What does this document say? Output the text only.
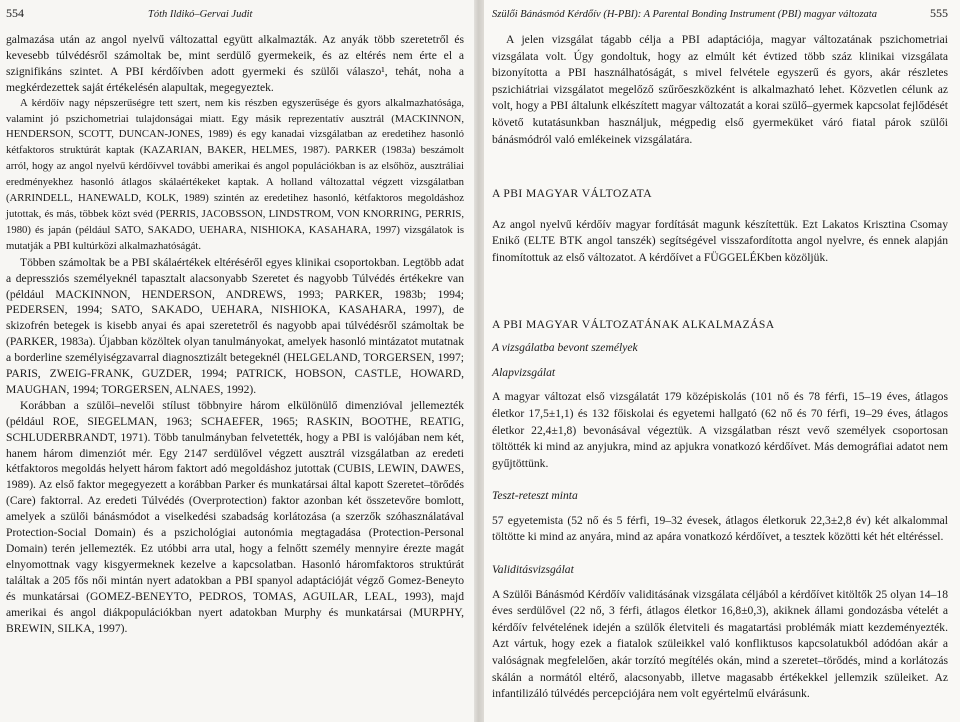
554	Tóth Ildikó–Gervai Judit

galmazása után az angol nyelvű változattal együtt alkalmazták. Az anyák több szeretetről és kevesebb túlvédésről számoltak be, mint serdülő gyermekeik, és az eltérés nem érte el a szignifikáns szintet. A PBI kérdőívben adott gyermeki és szülői válaszo¹, tehát, noha a megkérdezettek saját értékelésén alapultak, megegyeztek.

A kérdőív nagy népszerűségre tett szert, nem kis részben egyszerűsége és gyors alkalmazhatósága, valamint jó pszichometriai tulajdonságai miatt. Egy másik reprezentatív ausztrál (MACKINNON, HENDERSON, SCOTT, DUNCAN-JONES, 1989) és egy kanadai vizsgálatban az eredetihez hasonló kétfaktoros struktúrát kaptak (KAZARIAN, BAKER, HELMES, 1987). PARKER (1983a) beszámolt arról, hogy az angol nyelvű kérdőívvel további amerikai és angol populációkban is az elsőhöz, ausztráliai eredményekhez hasonló átlagos skálaértékeket kaptak. A holland változattal végzett vizsgálatban (ARRINDELL, HANEWALD, KOLK, 1989) szintén az eredetihez hasonló, kétfaktoros megoldáshoz jutottak, és más, többek közt svéd (PERRIS, JACOBSSON, LINDSTROM, VON KNORRING, PERRIS, 1980) és japán (például SATO, SAKADO, UEHARA, NISHIOKA, KASAHARA, 1997) vizsgálatok is mutatják a PBI kultúrközi alkalmazhatóságát.

Többen számoltak be a PBI skálaértékek eltéréséről egyes klinikai csoportokban. Legtöbb adat a depressziós személyeknél tapasztalt alacsonyabb Szeretet és nagyobb Túlvédés értékekre van (például MACKINNON, HENDERSON, ANDREWS, 1993; PARKER, 1983b; 1994; PEDERSEN, 1994; SATO, SAKADO, UEHARA, NISHIOKA, KASAHARA, 1997), de skizofrén betegek is kisebb anyai és apai szeretetről és nagyobb apai túlvédésről számoltak be (PARKER, 1983a). Újabban közöltek olyan tanulmányokat, amelyek hasonló mintázatot mutatnak a borderline személyiségzavarral diagnosztizált betegeknél (HELGELAND, TORGERSEN, 1997; PARIS, ZWEIG-FRANK, GUZDER, 1994; PATRICK, HOBSON, CASTLE, HOWARD, MAUGHAN, 1994; TORGERSEN, ALNAES, 1992).

Korábban a szülői–nevelői stílust többnyire három elkülönülő dimenzióval jellemezték (például ROE, SIEGELMAN, 1963; SCHAEFER, 1965; RASKIN, BOOTHE, REATIG, SCHLUDERBRANDT, 1971). Több tanulmányban felvetették, hogy a PBI is valójában nem két, hanem három dimenziót mér. Egy 2147 serdülővel végzett ausztrál vizsgálatban az eredeti kétfaktoros megoldás helyett három faktort adó megoldáshoz jutottak (CUBIS, LEWIN, DAWES, 1989). Az első faktor megegyezett a korábban Parker és munkatársai által kapott Szeretet–törődés (Care) faktorral. Az eredeti Túlvédés (Overprotection) faktor azonban két összetevőre bomlott, amelyek a szülői bánásmódot a viselkedési szabadság korlátozása (a szerzők szóhasználatával Protection-Social Domain) és a pszichológiai autonómia megtagadása (Protection-Personal Domain) terén jellemezték. Ez utóbbi arra utal, hogy a felnőtt személy mennyire érezte magát elnyomottnak vagy kisgyermeknek kezelve a kapcsolatban. Hasonló háromfaktoros struktúrát találtak a 205 fős női mintán nyert adatokban a PBI spanyol adaptációját végző Gomez-Beneyto és munkatársai (GOMEZ-BENEYTO, PEDROS, TOMAS, AGUILAR, LEAL, 1993), majd amerikai és angol diákpopulációkban nyert adatokban Murphy és munkatársai (MURPHY, BREWIN, SILKA, 1997).

Szülői Bánásmód Kérdőív (H-PBI): A Parental Bonding Instrument (PBI) magyar változata	555

A jelen vizsgálat tágabb célja a PBI adaptációja, magyar változatának pszichometriai vizsgálata volt. Úgy gondoltuk, hogy az elmúlt két évtized több száz klinikai vizsgálata bizonyította a PBI használhatóságát, s mivel felvétele egyszerű és gyors, akár részletes pszichiátriai vizsgálatot megelőző szűrőeszközként is alkalmazható lehet. Közvetlen célunk az volt, hogy a PBI általunk elkészített magyar változatát a korai szülő–gyermek kapcsolat fejlődését követő kutatásunkban használjuk, mégpedig első gyermeküket váró fiatal párok szülői bánásmódról való emlékeinek vizsgálatára.

A PBI MAGYAR VÁLTOZATA

Az angol nyelvű kérdőív magyar fordítását magunk készítettük. Ezt Lakatos Krisztina Csomay Enikő (ELTE BTK angol tanszék) segítségével visszafordította angol nyelvre, és ennek alapján finomítottuk az első változatot. A kérdőívet a FÜGGELÉKben közöljük.

A PBI MAGYAR VÁLTOZATÁNAK ALKALMAZÁSA

A vizsgálatba bevont személyek

Alapvizsgálat

A magyar változat első vizsgálatát 179 középiskolás (101 nő és 78 férfi, 15–19 éves, átlagos életkor 17,5±1,1) és 132 főiskolai és egyetemi hallgató (62 nő és 70 férfi, 19–29 éves, átlagos életkor 22,4±1,8) bevonásával végeztük. A vizsgálatban részt vevő személyek csoportosan töltötték ki mind az anyjukra, mind az apjukra vonatkozó kérdőívet. Más demográfiai adatot nem gyűjtöttünk.

Teszt-reteszt minta

57 egyetemista (52 nő és 5 férfi, 19–32 évesek, átlagos életkoruk 22,3±2,8 év) két alkalommal töltötte ki mind az anyára, mind az apára vonatkozó kérdőívet, a tesztek közötti két hét eltéréssel.

Validitásvizsgálat

A Szülői Bánásmód Kérdőív validitásának vizsgálata céljából a kérdőívet kitöltők 25 olyan 14–18 éves serdülővel (22 nő, 3 férfi, átlagos életkor 16,8±0,3), akiknek állami gondozásba vételét a kérdőív felvételének idején a szülők életviteli és magatartási problémák miatt kezdeményezték. Azt vártuk, hogy ezek a fiatalok szüleikkel való konfliktusos kapcsolatukból adódóan akár a valóságnak megfelelően, akár torzító megítélés okán, mind a szeretet–törődés, mind a korlátozás skálán a normától eltérő, alacsonyabb, illetve magasabb értékekkel jellemzik szüleiket. Az infantilizáló túlvédés percepciójára nem volt egyértelmű elvárásunk.
